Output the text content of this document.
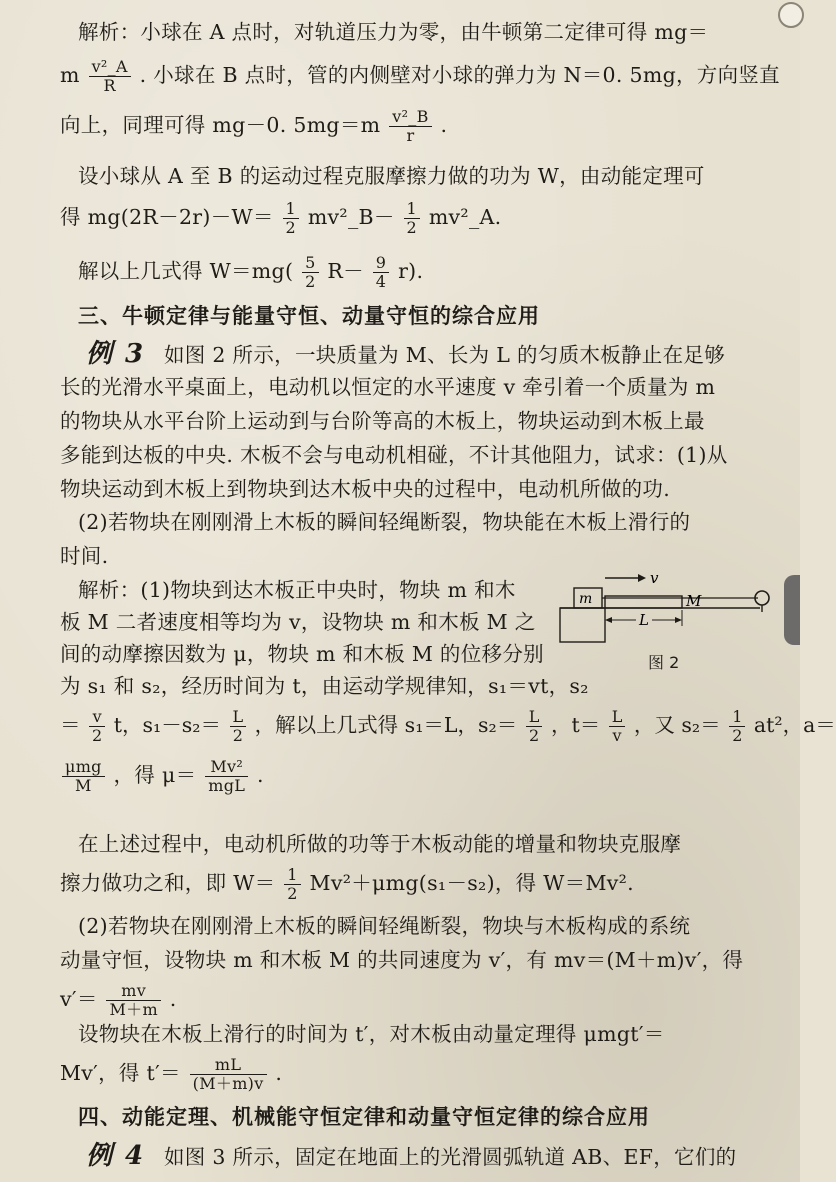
解析：小球在 A 点时，对轨道压力为零，由牛顿第二定律可得 mg＝
m $\frac{\text{v²\_A}}{R}$ . 小球在 B 点时，管的内侧壁对小球的弹力为 N＝0. 5mg，方向竖直
向上，同理可得 mg－0. $5mg=m \frac{\text{v²\_B}}{r}$ .
设小球从 A 至 B 的运动过程克服摩擦力做的功为 W，由动能定理可
得 $mg(2R-2r)-W= \frac{1}{2}$ mv²_B－ $\frac{1}{2}$ mv²_A.
解以上几式得 $W=mg( \frac{5}{2} R- \frac{9}{4} r)$.
三、牛顿定律与能量守恒、动量守恒的综合应用
例 3 如图 2 所示，一块质量为 M、长为 L 的匀质木板静止在足够
长的光滑水平桌面上，电动机以恒定的水平速度 v 牵引着一个质量为 m
的物块从水平台阶上运动到与台阶等高的木板上，物块运动到木板上最
多能到达板的中央. 木板不会与电动机相碰，不计其他阻力，试求：(1)从
物块运动到木板上到物块到达木板中央的过程中，电动机所做的功.
(2)若物块在刚刚滑上木板的瞬间轻绳断裂，物块能在木板上滑行的
时间.
解析：(1)物块到达木板正中央时，物块 m 和木
板 M 二者速度相等均为 v，设物块 m 和木板 M 之
间的动摩擦因数为 μ，物块 m 和木板 M 的位移分别
为 s₁ 和 s₂，经历时间为 t，由运动学规律知，s₁＝vt，s₂
v
m	M
L
图 2
＝ $\frac{v}{2}$ t，$s_1-s_2= \frac{L}{2}$ ，解以上几式得 s₁＝L，$s_2= \frac{L}{2}$ ，$t= \frac{L}{v}$ ，又 $s_2= \frac{1}{2} at^2$，a＝
$\frac{\text{μmg}}{M}$ ，得 $\mu= \frac{\text{Mv²}}{\text{mgL}}$ .
在上述过程中，电动机所做的功等于木板动能的增量和物块克服摩
擦力做功之和，即 $W= \frac{1}{2} Mv^2+\mu mg(s_1-s_2)$，得 W＝Mv².
(2)若物块在刚刚滑上木板的瞬间轻绳断裂，物块与木板构成的系统
动量守恒，设物块 m 和木板 M 的共同速度为 v′，有 mv＝(M＋m)v′，得
$v'= \frac{mv}{M+m}$ .
设物块在木板上滑行的时间为 t′，对木板由动量定理得 μmgt′＝
Mv′，得 $t'= \frac{mL}{(M+m)v}$ .
四、动能定理、机械能守恒定律和动量守恒定律的综合应用
例 4 如图 3 所示，固定在地面上的光滑圆弧轨道 AB、EF，它们的
